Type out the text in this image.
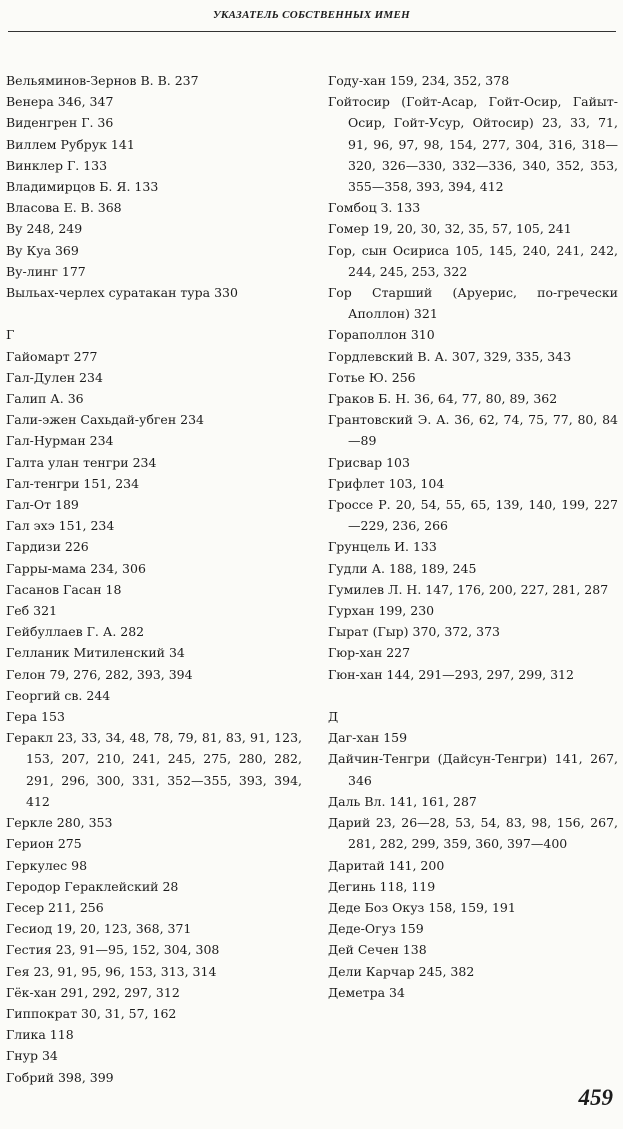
УКАЗАТЕЛЬ СОБСТВЕННЫХ ИМЕН
Вельяминов-Зернов В. В. 237
Венера 346, 347
Виденгрен Г. 36
Виллем Рубрук 141
Винклер Г. 133
Владимирцов Б. Я. 133
Власова Е. В. 368
Ву 248, 249
Ву Куа 369
Ву-линг 177
Выльах-черлех суратакан тура 330
Г
Гайомарт 277
Гал-Дулен 234
Галип А. 36
Гали-эжен Сахьдай-убген 234
Гал-Нурман 234
Галта улан тенгри 234
Гал-тенгри 151, 234
Гал-От 189
Гал эхэ 151, 234
Гардизи 226
Гарры-мама 234, 306
Гасанов Гасан 18
Геб 321
Гейбуллаев Г. А. 282
Гелланик Митиленский 34
Гелон 79, 276, 282, 393, 394
Георгий св. 244
Гера 153
Геракл 23, 33, 34, 48, 78, 79, 81, 83, 91, 123, 153, 207, 210, 241, 245, 275, 280, 282, 291, 296, 300, 331, 352—355, 393, 394, 412
Геркле 280, 353
Герион 275
Геркулес 98
Геродор Гераклейский 28
Гесер 211, 256
Гесиод 19, 20, 123, 368, 371
Гестия 23, 91—95, 152, 304, 308
Гея 23, 91, 95, 96, 153, 313, 314
Гёк-хан 291, 292, 297, 312
Гиппократ 30, 31, 57, 162
Глика 118
Гнур 34
Гобрий 398, 399
Году-хан 159, 234, 352, 378
Гойтосир (Гойт-Асар, Гойт-Осир, Гайыт-Осир, Гойт-Усур, Ойтосир) 23, 33, 71, 91, 96, 97, 98, 154, 277, 304, 316, 318—320, 326—330, 332—336, 340, 352, 353, 355—358, 393, 394, 412
Гомбоц З. 133
Гомер 19, 20, 30, 32, 35, 57, 105, 241
Гор, сын Осириса 105, 145, 240, 241, 242, 244, 245, 253, 322
Гор Старший (Аруерис, по-гречески Аполлон) 321
Горaполлон 310
Гордлевский В. А. 307, 329, 335, 343
Готье Ю. 256
Граков Б. Н. 36, 64, 77, 80, 89, 362
Грантовский Э. А. 36, 62, 74, 75, 77, 80, 84—89
Грисвар 103
Грифлет 103, 104
Гроссе Р. 20, 54, 55, 65, 139, 140, 199, 227—229, 236, 266
Грунцель И. 133
Гудли А. 188, 189, 245
Гумилев Л. Н. 147, 176, 200, 227, 281, 287
Гурхан 199, 230
Гырат (Гыр) 370, 372, 373
Гюр-хан 227
Гюн-хан 144, 291—293, 297, 299, 312
Д
Даг-хан 159
Дайчин-Тенгри (Дайсун-Тенгри) 141, 267, 346
Даль Вл. 141, 161, 287
Дарий 23, 26—28, 53, 54, 83, 98, 156, 267, 281, 282, 299, 359, 360, 397—400
Даритай 141, 200
Дегинь 118, 119
Деде Боз Окуз 158, 159, 191
Деде-Огуз 159
Дей Сечен 138
Дели Карчар 245, 382
Деметра 34
459
